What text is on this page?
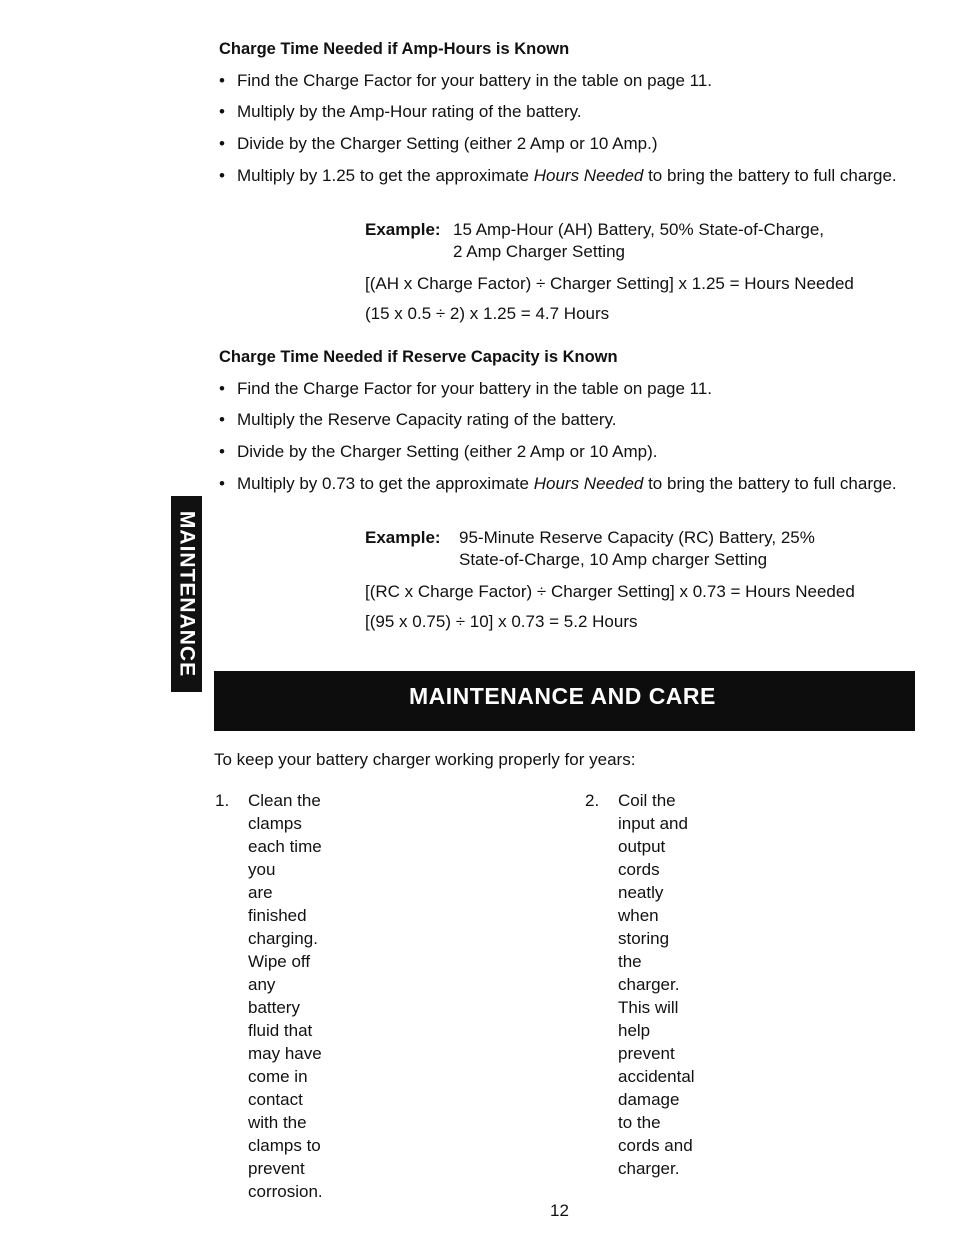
Charge Time Needed if Amp-Hours is Known
• Find the Charge Factor for your battery in the table on page 11.
• Multiply by the Amp-Hour rating of the battery.
• Divide by the Charger Setting (either 2 Amp or 10 Amp.)
• Multiply by 1.25 to get the approximate Hours Needed to bring the battery to full charge.
Example: 15 Amp-Hour (AH) Battery, 50% State-of-Charge,
2 Amp Charger Setting
[(AH x Charge Factor) ÷ Charger Setting] x 1.25 = Hours Needed
(15 x 0.5 ÷ 2) x 1.25 = 4.7 Hours
Charge Time Needed if Reserve Capacity is Known
• Find the Charge Factor for your battery in the table on page 11.
• Multiply the Reserve Capacity rating of the battery.
• Divide by the Charger Setting (either 2 Amp or 10 Amp).
• Multiply by 0.73 to get the approximate Hours Needed to bring the battery to full charge.
Example: 95-Minute Reserve Capacity (RC) Battery, 25%
State-of-Charge, 10 Amp charger Setting
[(RC x Charge Factor) ÷ Charger Setting] x 0.73 = Hours Needed
[(95 x 0.75) ÷ 10] x 0.73 = 5.2 Hours
MAINTENANCE
MAINTENANCE AND CARE
To keep your battery charger working properly for years:
1. Clean the clamps each time you
are finished charging. Wipe off any
battery fluid that may have come in
contact with the clamps to prevent
corrosion.
2. Coil the input and output cords
neatly when storing the charger.
This will help prevent accidental
damage to the cords and charger.
12
